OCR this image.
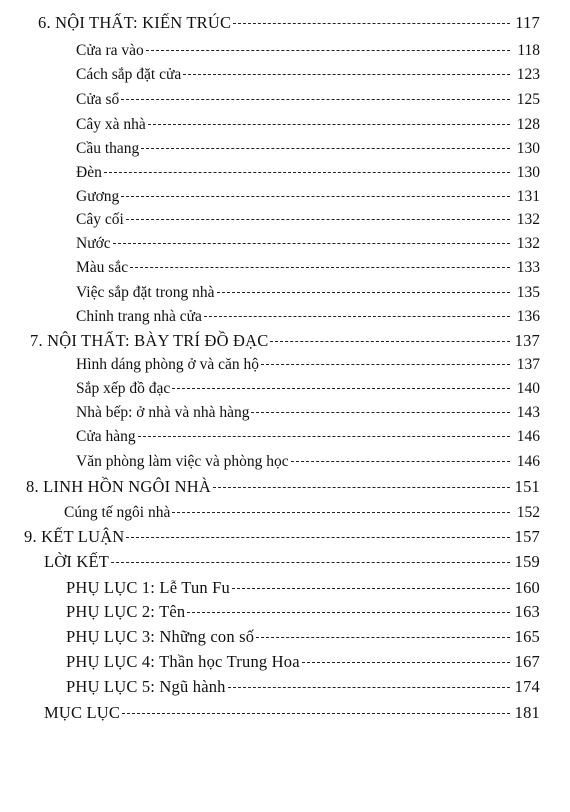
6. NỘI THẤT: KIẾN TRÚC	117
Cửa ra vào	118
Cách sắp đặt cửa	123
Cửa sổ	125
Cây xà nhà	128
Cầu thang	130
Đèn	130
Gương	131
Cây cối	132
Nước	132
Màu sắc	133
Việc sắp đặt trong nhà	135
Chỉnh trang nhà cửa	136
7. NỘI THẤT: BÀY TRÍ ĐỒ ĐẠC	137
Hình dáng phòng ở và căn hộ	137
Sắp xếp đồ đạc	140
Nhà bếp: ở nhà và nhà hàng	143
Cửa hàng	146
Văn phòng làm việc và phòng học	146
8. LINH HỒN NGÔI NHÀ	151
Cúng tế ngôi nhà	152
9. KẾT LUẬN	157
LỜI KẾT	159
PHỤ LỤC 1: Lễ Tun Fu	160
PHỤ LỤC 2: Tên	163
PHỤ LỤC 3: Những con số	165
PHỤ LỤC 4: Thần học Trung Hoa	167
PHỤ LỤC 5: Ngũ hành	174
MỤC LỤC	181
